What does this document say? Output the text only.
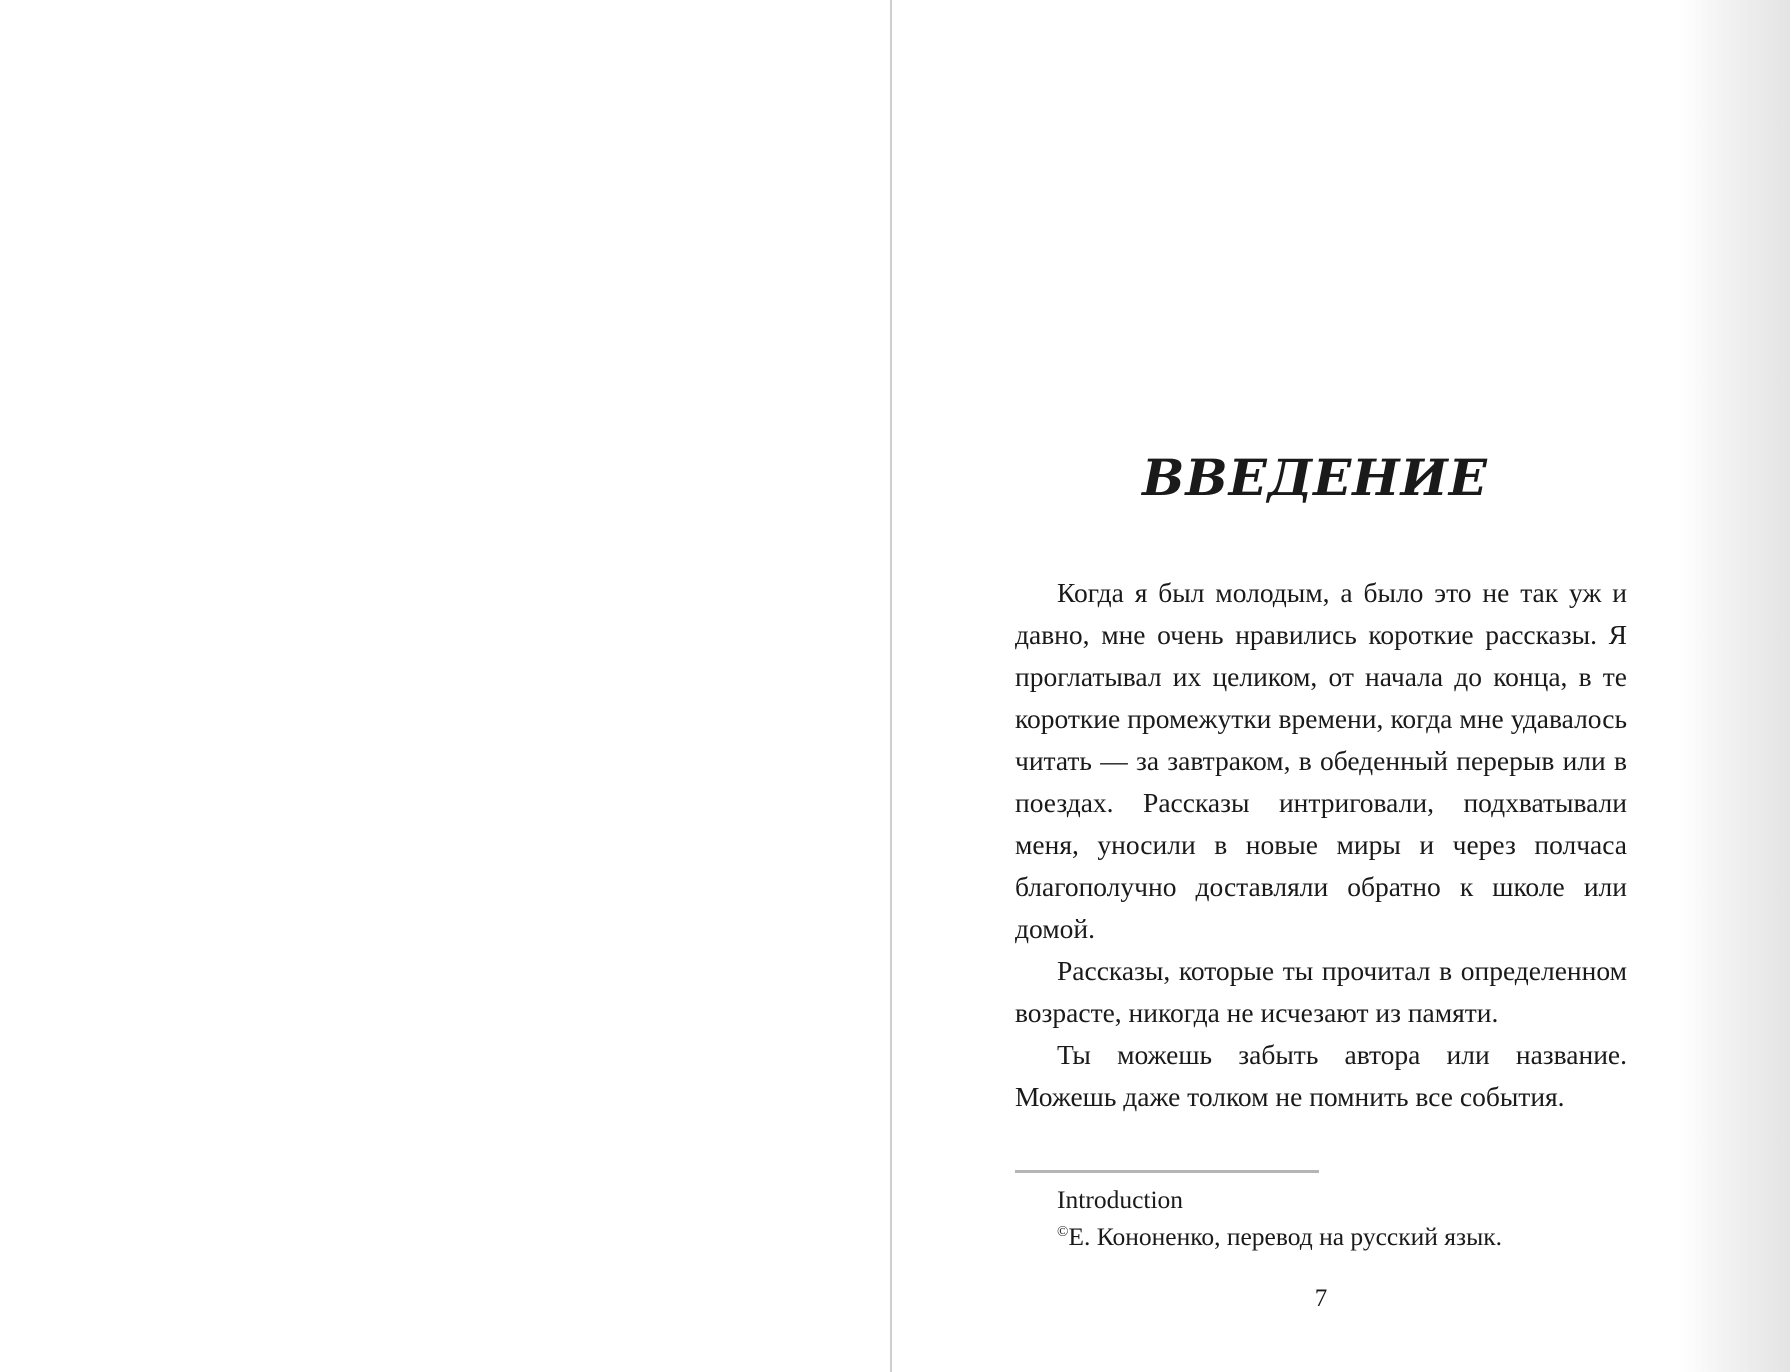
ВВЕДЕНИЕ

Когда я был молодым, а было это не так уж и давно, мне очень нравились короткие рассказы. Я проглатывал их целиком, от начала до конца, в те короткие промежутки времени, когда мне удавалось читать — за завтраком, в обеденный перерыв или в поездах. Рассказы интриговали, подхватывали меня, уносили в новые миры и через полчаса благополучно доставляли обратно к школе или домой.

Рассказы, которые ты прочитал в определенном возрасте, никогда не исчезают из памяти.

Ты можешь забыть автора или название. Можешь даже толком не помнить все события.

Introduction
©Е. Кононенко, перевод на русский язык.
7
